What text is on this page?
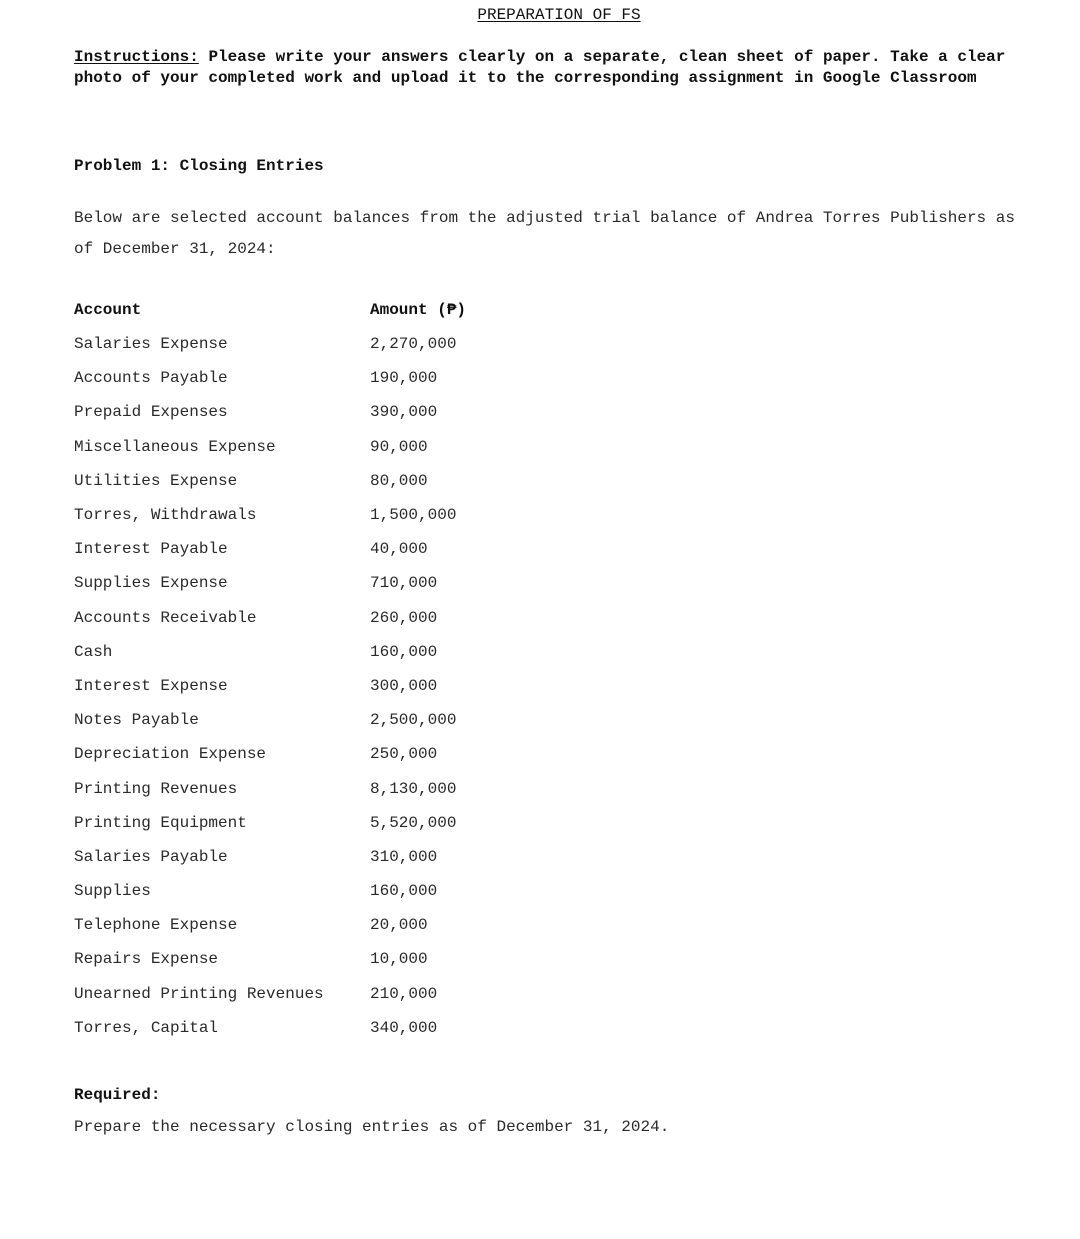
PREPARATION OF FS
Instructions: Please write your answers clearly on a separate, clean sheet of paper. Take a clear photo of your completed work and upload it to the corresponding assignment in Google Classroom
Problem 1: Closing Entries
Below are selected account balances from the adjusted trial balance of Andrea Torres Publishers as of December 31, 2024:
Account	Amount (₱)
Salaries Expense	2,270,000
Accounts Payable	190,000
Prepaid Expenses	390,000
Miscellaneous Expense	90,000
Utilities Expense	80,000
Torres, Withdrawals	1,500,000
Interest Payable	40,000
Supplies Expense	710,000
Accounts Receivable	260,000
Cash	160,000
Interest Expense	300,000
Notes Payable	2,500,000
Depreciation Expense	250,000
Printing Revenues	8,130,000
Printing Equipment	5,520,000
Salaries Payable	310,000
Supplies	160,000
Telephone Expense	20,000
Repairs Expense	10,000
Unearned Printing Revenues	210,000
Torres, Capital	340,000
Required:
Prepare the necessary closing entries as of December 31, 2024.
